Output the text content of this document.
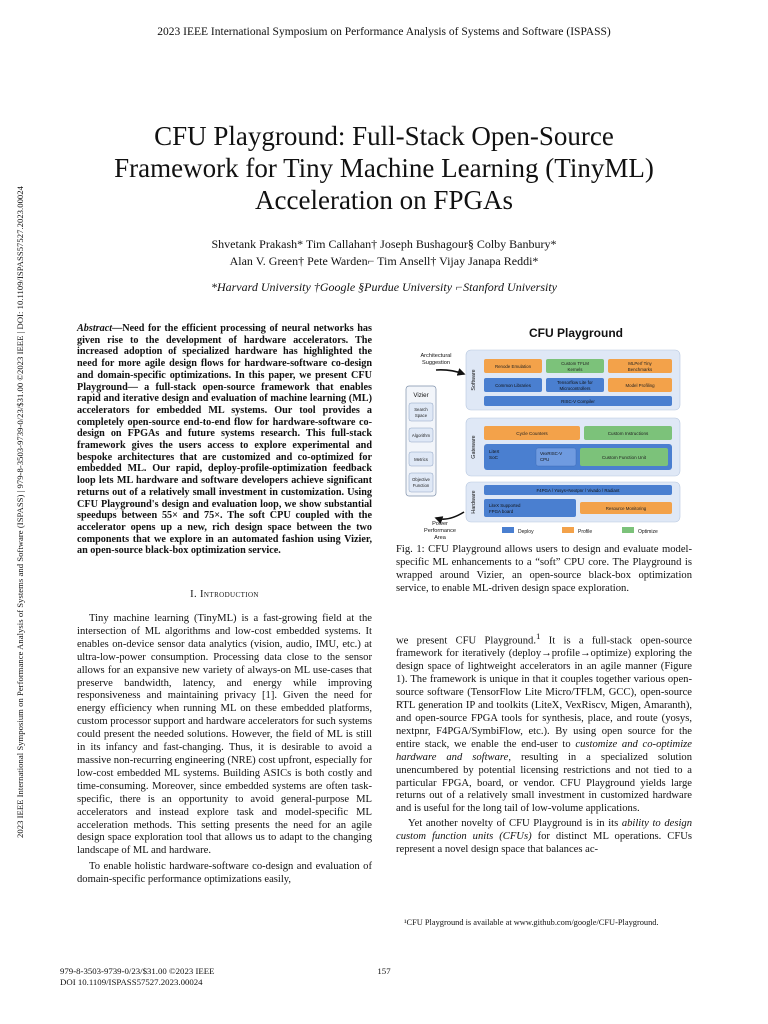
2023 IEEE International Symposium on Performance Analysis of Systems and Software (ISPASS)
2023 IEEE International Symposium on Performance Analysis of Systems and Software (ISPASS) | 979-8-3503-9739-0/23/$31.00 ©2023 IEEE | DOI: 10.1109/ISPASS57527.2023.00024
CFU Playground: Full-Stack Open-Source
Framework for Tiny Machine Learning (TinyML)
Acceleration on FPGAs
Shvetank Prakash* Tim Callahan† Joseph Bushagour§ Colby Banbury*
Alan V. Green† Pete Warden⌐ Tim Ansell† Vijay Janapa Reddi*
*Harvard University †Google §Purdue University ⌐Stanford University
Abstract—Need for the efficient processing of neural networks has given rise to the development of hardware accelerators. The increased adoption of specialized hardware has highlighted the need for more agile design flows for hardware-software co-design and domain-specific optimizations. In this paper, we present CFU Playground— a full-stack open-source framework that enables rapid and iterative design and evaluation of machine learning (ML) accelerators for embedded ML systems. Our tool provides a completely open-source end-to-end flow for hardware-software co-design on FPGAs and future systems research. This full-stack framework gives the users access to explore experimental and bespoke architectures that are customized and co-optimized for embedded ML. Our rapid, deploy-profile-optimization feedback loop lets ML hardware and software developers achieve significant returns out of a relatively small investment in customization. Using CFU Playground's design and evaluation loop, we show substantial speedups between 55× and 75×. The soft CPU coupled with the accelerator opens up a new, rich design space between the two components that we explore in an automated fashion using Vizier, an open-source black-box optimization service.
I. Introduction

Tiny machine learning (TinyML) is a fast-growing field at the intersection of ML algorithms and low-cost embedded systems. It enables on-device sensor data analytics (vision, audio, IMU, etc.) at ultra-low-power consumption. Processing data close to the sensor allows for an expansive new variety of always-on ML use-cases that preserve bandwidth, latency, and energy while improving responsiveness and maintaining privacy [1]. Given the need for energy efficiency when running ML on these embedded platforms, custom processor support and hardware accelerators for such systems could present the needed solutions. However, the field of ML is still in its infancy and fast-changing. Thus, it is desirable to avoid a massive non-recurring engineering (NRE) cost upfront, especially for low-cost embedded ML systems. Building ASICs is both costly and time-consuming. Moreover, since embedded systems are often task-specific, there is an opportunity to avoid general-purpose ML accelerators and instead explore task and model-specific ML acceleration methods. This setting presents the need for an agile design space exploration tool that allows us to adapt to the changing landscape of ML and hardware.

To enable holistic hardware-software co-design and evaluation of domain-specific performance optimizations easily,

CFU Playground
Architectural
Suggestion
Vizier
Search
Space
Algorithm
Metrics
Objective
Function
Power
Performance
Area
Software
Renode Emulation
Custom TFLM
Kernels
MLPerf Tiny
Benchmarks
Common Libraries
Tensorflow Lite for
Microcontrollers
Model Profiling
RISC-V Compiler
Gateware
Cycle Counters	Custom Instructions
LiteX
SoC
VexRISC-V
CPU	Custom Function Unit
Hardware	F4PGA / Yosys+Nextpnr / Vivado / Radiant
LiteX Supported
FPGA board
Resource Monitoring
Deploy	Profile	Optimize
Fig. 1: CFU Playground allows users to design and evaluate model-specific ML enhancements to a “soft” CPU core. The Playground is wrapped around Vizier, an open-source black-box optimization service, to enable ML-driven design space exploration.

we present CFU Playground.$^1$ It is a full-stack open-source framework for iteratively (deploy→profile→optimize) exploring the design space of lightweight accelerators in an agile manner (Figure 1). The framework is unique in that it couples together various open-source software (TensorFlow Lite Micro/TFLM, GCC), open-source RTL generation IP and toolkits (LiteX, VexRiscv, Migen, Amaranth), and open-source FPGA tools for synthesis, place, and route (yosys, nextpnr, F4PGA/SymbiFlow, etc.). By using open source for the entire stack, we enable the end-user to customize and co-optimize hardware and software, resulting in a specialized solution unencumbered by potential licensing restrictions and not tied to a particular FPGA, board, or vendor. CFU Playground yields large returns out of a relatively small investment in customized hardware and is useful for the long tail of low-volume applications.

Yet another novelty of CFU Playground is in its ability to design custom function units (CFUs) for distinct ML operations. CFUs represent a novel design space that balances ac-

¹CFU Playground is available at www.github.com/google/CFU-Playground.
979-8-3503-9739-0/23/$31.00 ©2023 IEEE
DOI 10.1109/ISPASS57527.2023.00024
157
